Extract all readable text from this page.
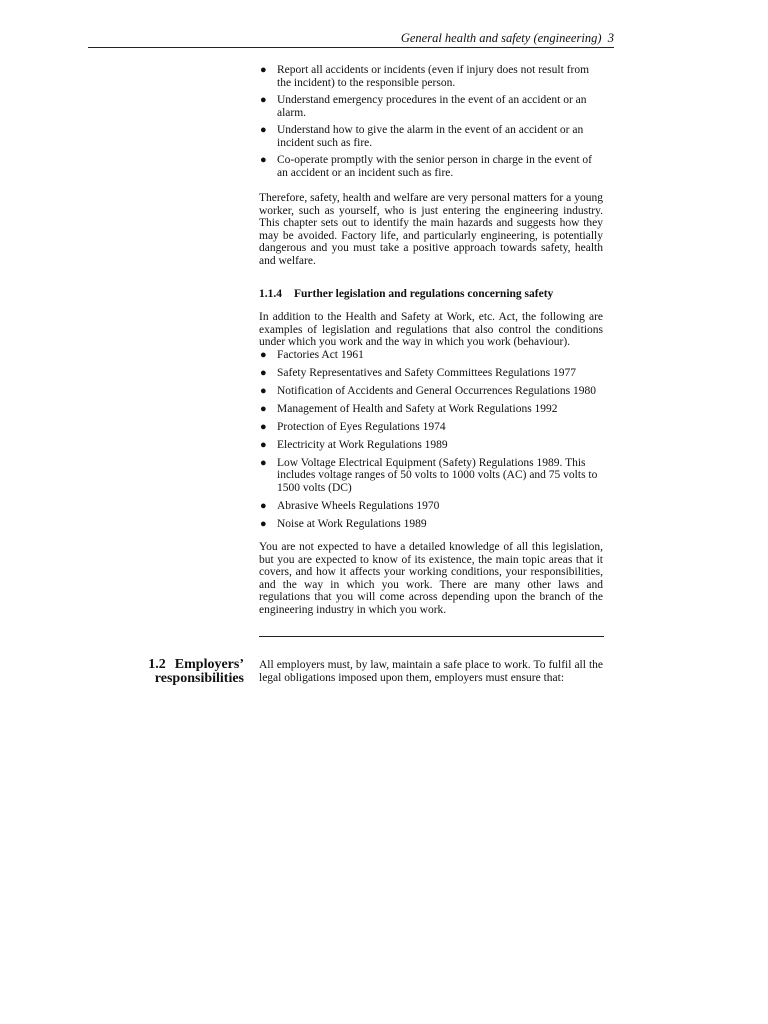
General health and safety (engineering) 3
● Report all accidents or incidents (even if injury does not result from the incident) to the responsible person.
● Understand emergency procedures in the event of an accident or an alarm.
● Understand how to give the alarm in the event of an accident or an incident such as fire.
● Co-operate promptly with the senior person in charge in the event of an accident or an incident such as fire.

Therefore, safety, health and welfare are very personal matters for a young worker, such as yourself, who is just entering the engineering industry. This chapter sets out to identify the main hazards and suggests how they may be avoided. Factory life, and particularly engineering, is potentially dangerous and you must take a positive approach towards safety, health and welfare.

1.1.4 Further legislation and regulations concerning safety

In addition to the Health and Safety at Work, etc. Act, the following are examples of legislation and regulations that also control the conditions under which you work and the way in which you work (behaviour).

● Factories Act 1961
● Safety Representatives and Safety Committees Regulations 1977
● Notification of Accidents and General Occurrences Regulations 1980
● Management of Health and Safety at Work Regulations 1992
● Protection of Eyes Regulations 1974
● Electricity at Work Regulations 1989
● Low Voltage Electrical Equipment (Safety) Regulations 1989. This includes voltage ranges of 50 volts to 1000 volts (AC) and 75 volts to 1500 volts (DC)
● Abrasive Wheels Regulations 1970
● Noise at Work Regulations 1989

You are not expected to have a detailed knowledge of all this legislation, but you are expected to know of its existence, the main topic areas that it covers, and how it affects your working conditions, your responsibilities, and the way in which you work. There are many other laws and regulations that you will come across depending upon the branch of the engineering industry in which you work.

1.2 Employers’
responsibilities

All employers must, by law, maintain a safe place to work. To fulfil all the legal obligations imposed upon them, employers must ensure that:
